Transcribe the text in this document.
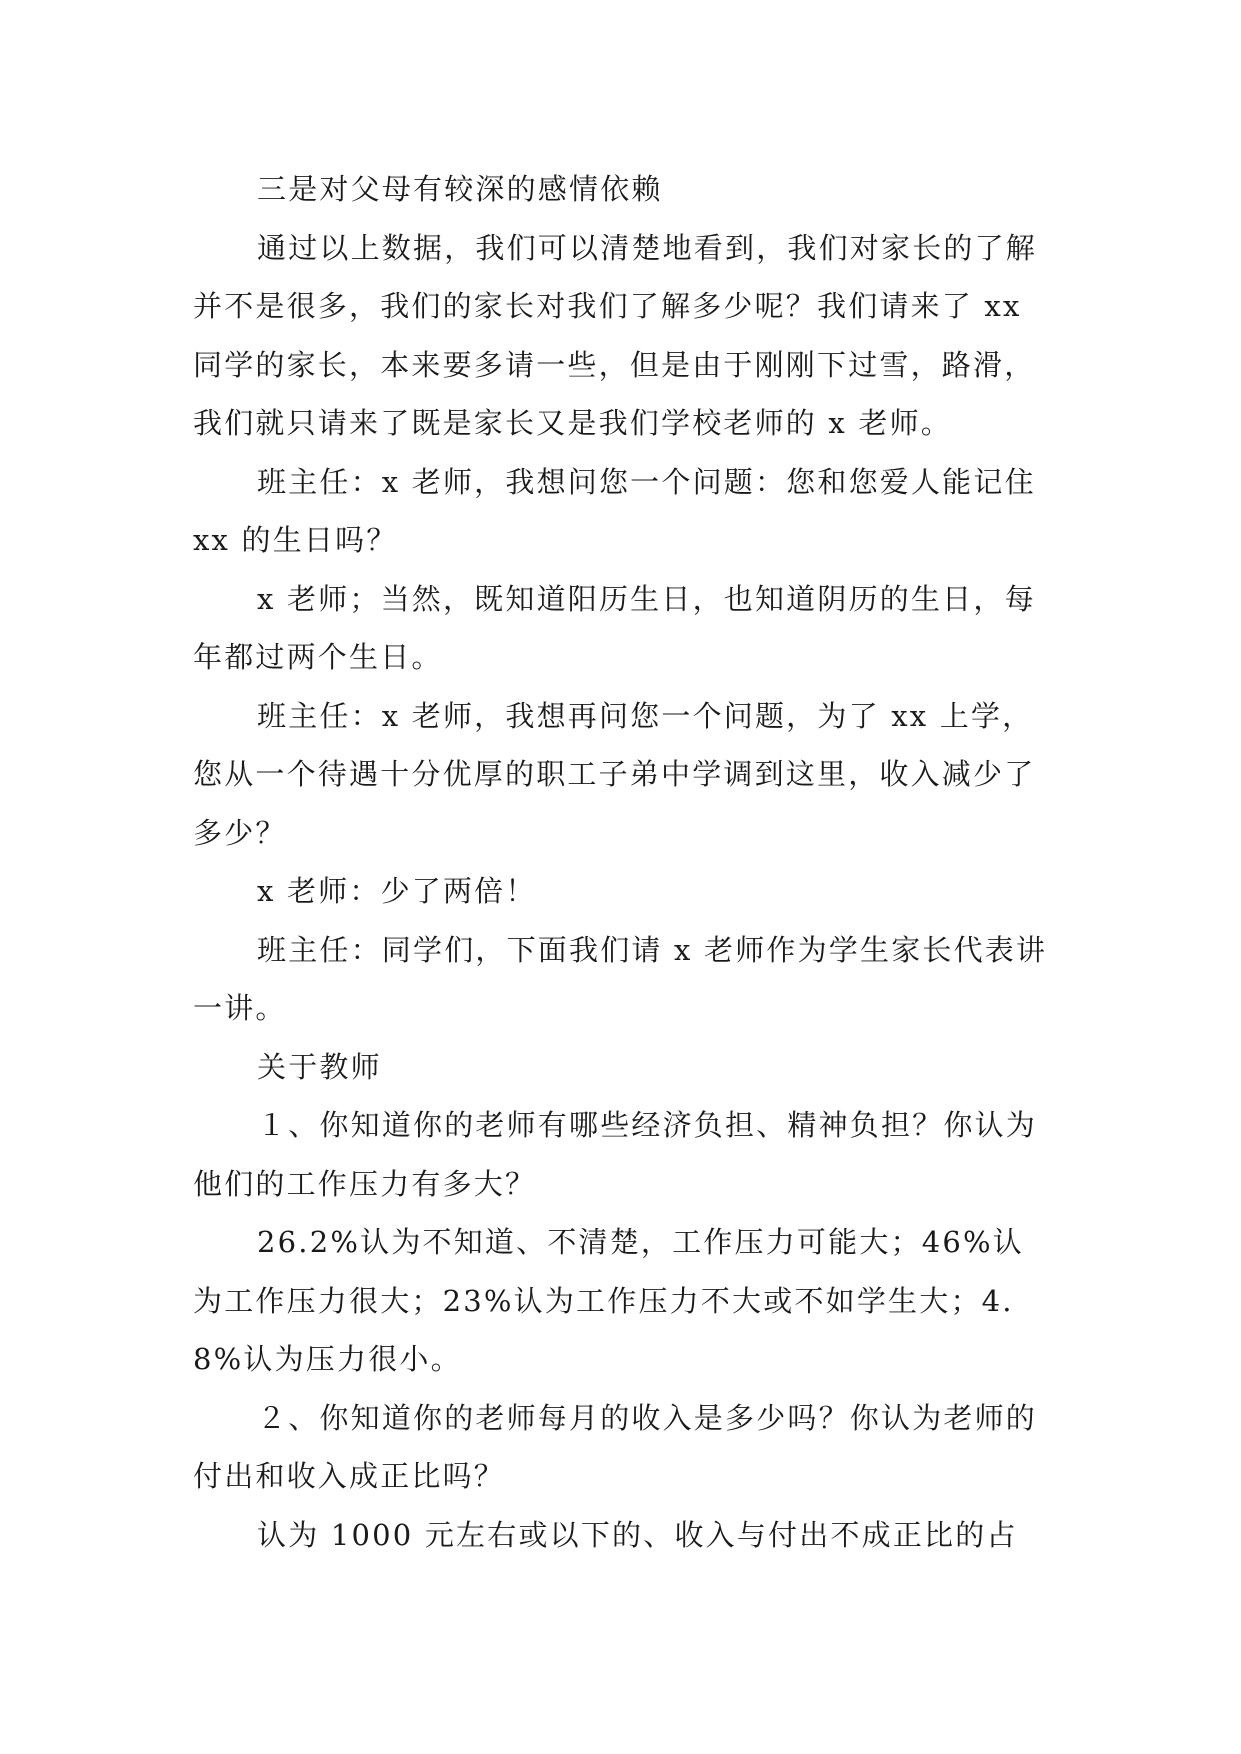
三是对父母有较深的感情依赖

通过以上数据，我们可以清楚地看到，我们对家长的了解并不是很多，我们的家长对我们了解多少呢？我们请来了 xx 同学的家长，本来要多请一些，但是由于刚刚下过雪，路滑，我们就只请来了既是家长又是我们学校老师的 x 老师。

班主任：x 老师，我想问您一个问题：您和您爱人能记住 xx 的生日吗？

x 老师；当然，既知道阳历生日，也知道阴历的生日，每年都过两个生日。

班主任：x 老师，我想再问您一个问题，为了 xx 上学，您从一个待遇十分优厚的职工子弟中学调到这里，收入减少了多少？

x 老师：少了两倍！

班主任：同学们，下面我们请 x 老师作为学生家长代表讲一讲。

关于教师

１、你知道你的老师有哪些经济负担、精神负担？你认为他们的工作压力有多大？

26.2%认为不知道、不清楚，工作压力可能大；46%认为工作压力很大；23%认为工作压力不大或不如学生大；4.8%认为压力很小。

２、你知道你的老师每月的收入是多少吗？你认为老师的付出和收入成正比吗？

认为 1000 元左右或以下的、收入与付出不成正比的占
